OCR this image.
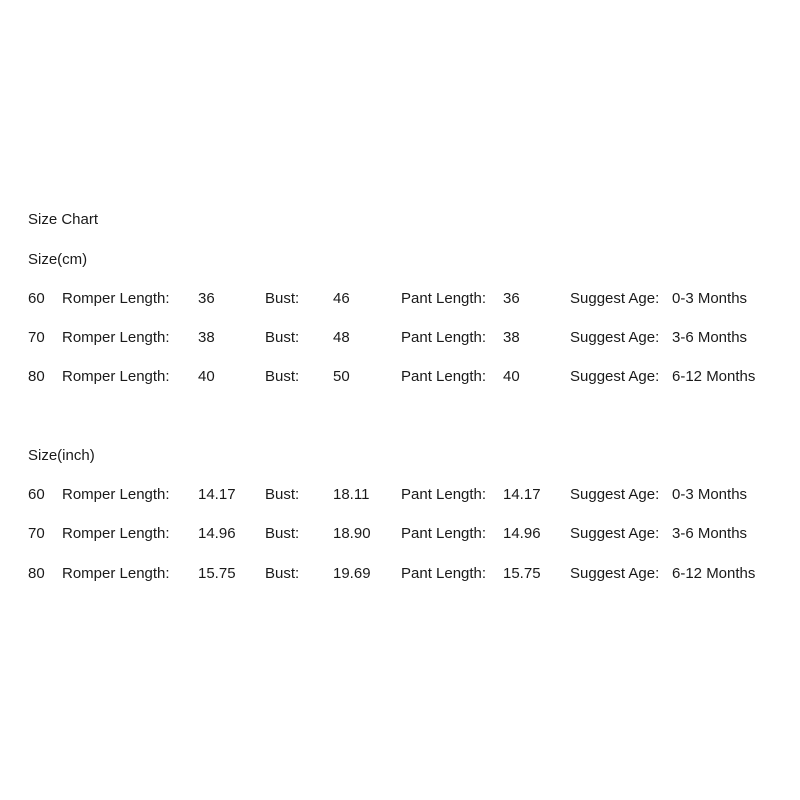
Size Chart
Size(cm)
60 Romper Length: 36	Bust: 46	Pant Length: 36	Suggest Age: 0-3 Months
70 Romper Length: 38	Bust: 48	Pant Length: 38	Suggest Age: 3-6 Months
80 Romper Length: 40	Bust: 50	Pant Length: 40	Suggest Age: 6-12 Months
Size(inch)
60 Romper Length: 14.17 Bust: 18.11 Pant Length: 14.17 Suggest Age: 0-3 Months
70 Romper Length: 14.96 Bust: 18.90 Pant Length: 14.96 Suggest Age: 3-6 Months
80 Romper Length: 15.75 Bust: 19.69 Pant Length: 15.75 Suggest Age: 6-12 Months
